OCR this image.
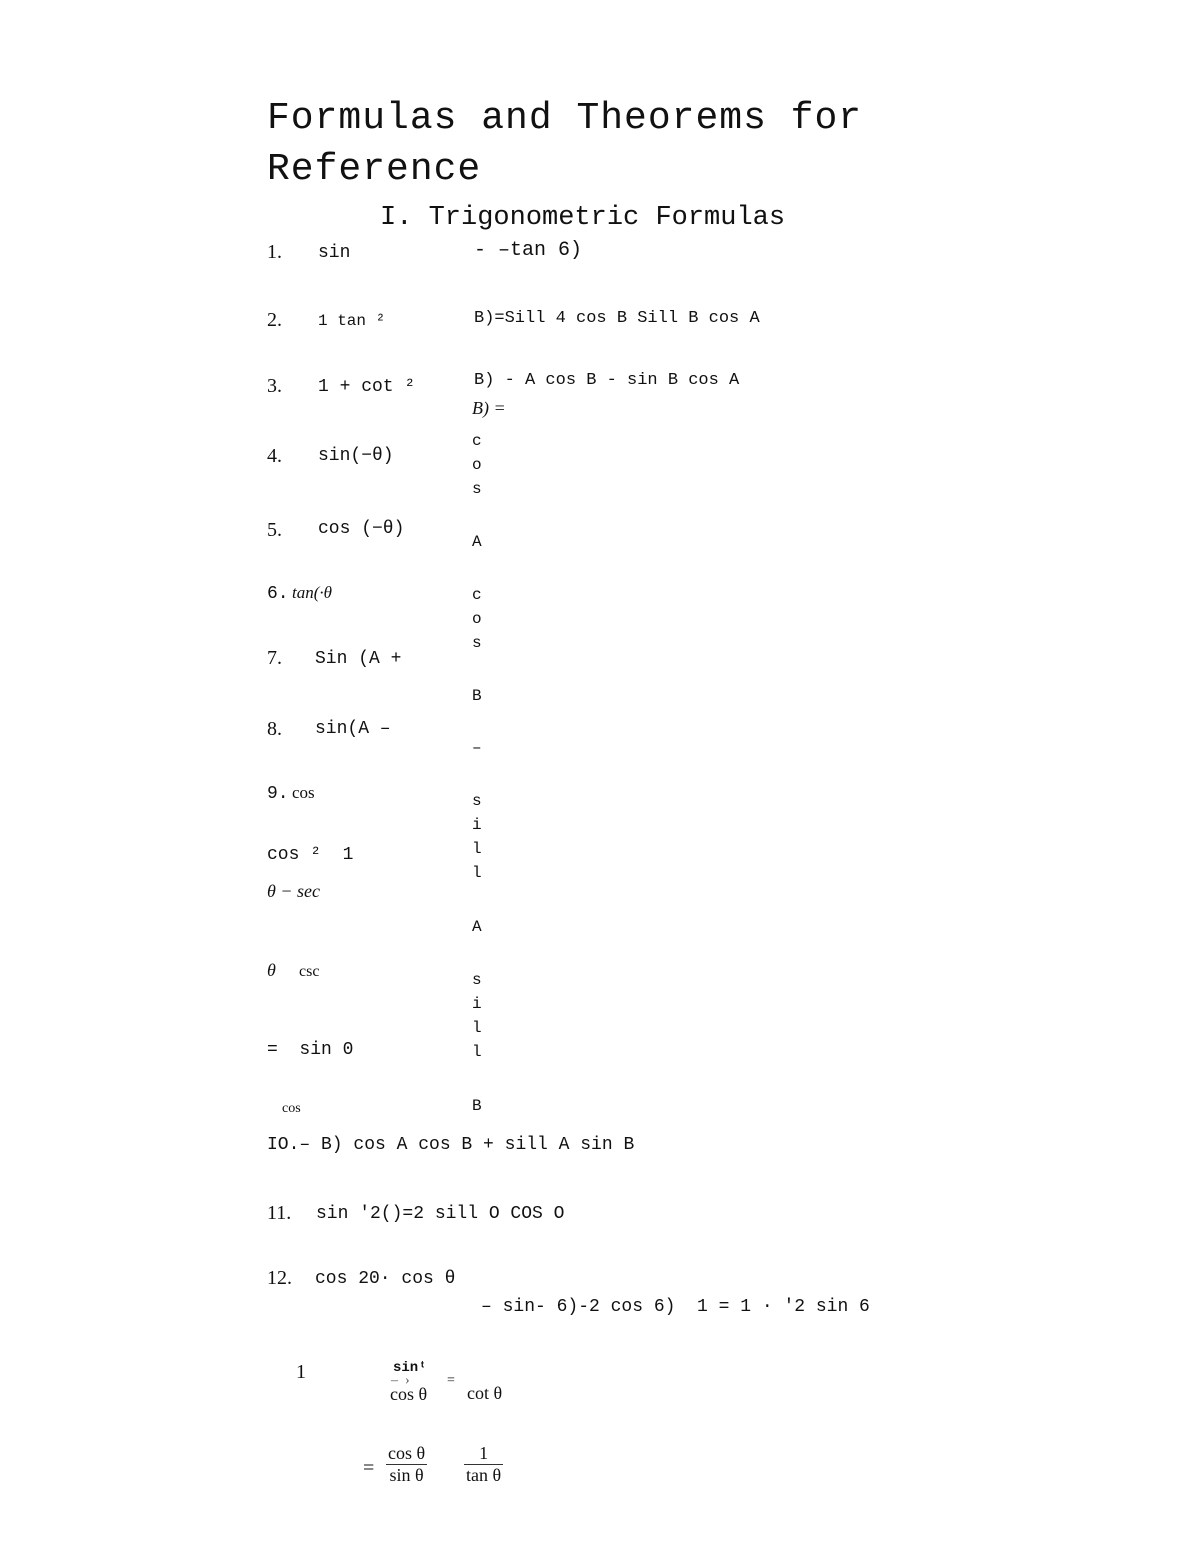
Formulas and Theorems for
Reference
I. Trigonometric Formulas
1. sin	- –tan 6)
2. 1 tan ²	B)=Sill 4 cos B Sill B cos A
3. 1 + cot ²	B) - A cos B - sin B cos A
B) =
4. sin(−θ)
5. cos (−θ)
6. tan(·θ
7. Sin (A +
8. sin(A –
9. cos
cos ²  1
θ − sec
θ csc
=  sin 0
cos
c
o
s
A
c
o
s
B
–
s
i
l
l
A
s
i
l
l
B
IO.– B) cos A cos B + sill A sin B
11. sin '2()=2 sill O COS O
12. cos 20· cos θ
– sin- 6)-2 cos 6)  1 = 1 · '2 sin 6
1	sinᵗ
–  ›
cos θ
=
cot θ
= $\frac{\text{cos θ}}{\text{sin θ}} \frac{1}{\text{tan θ}}$
